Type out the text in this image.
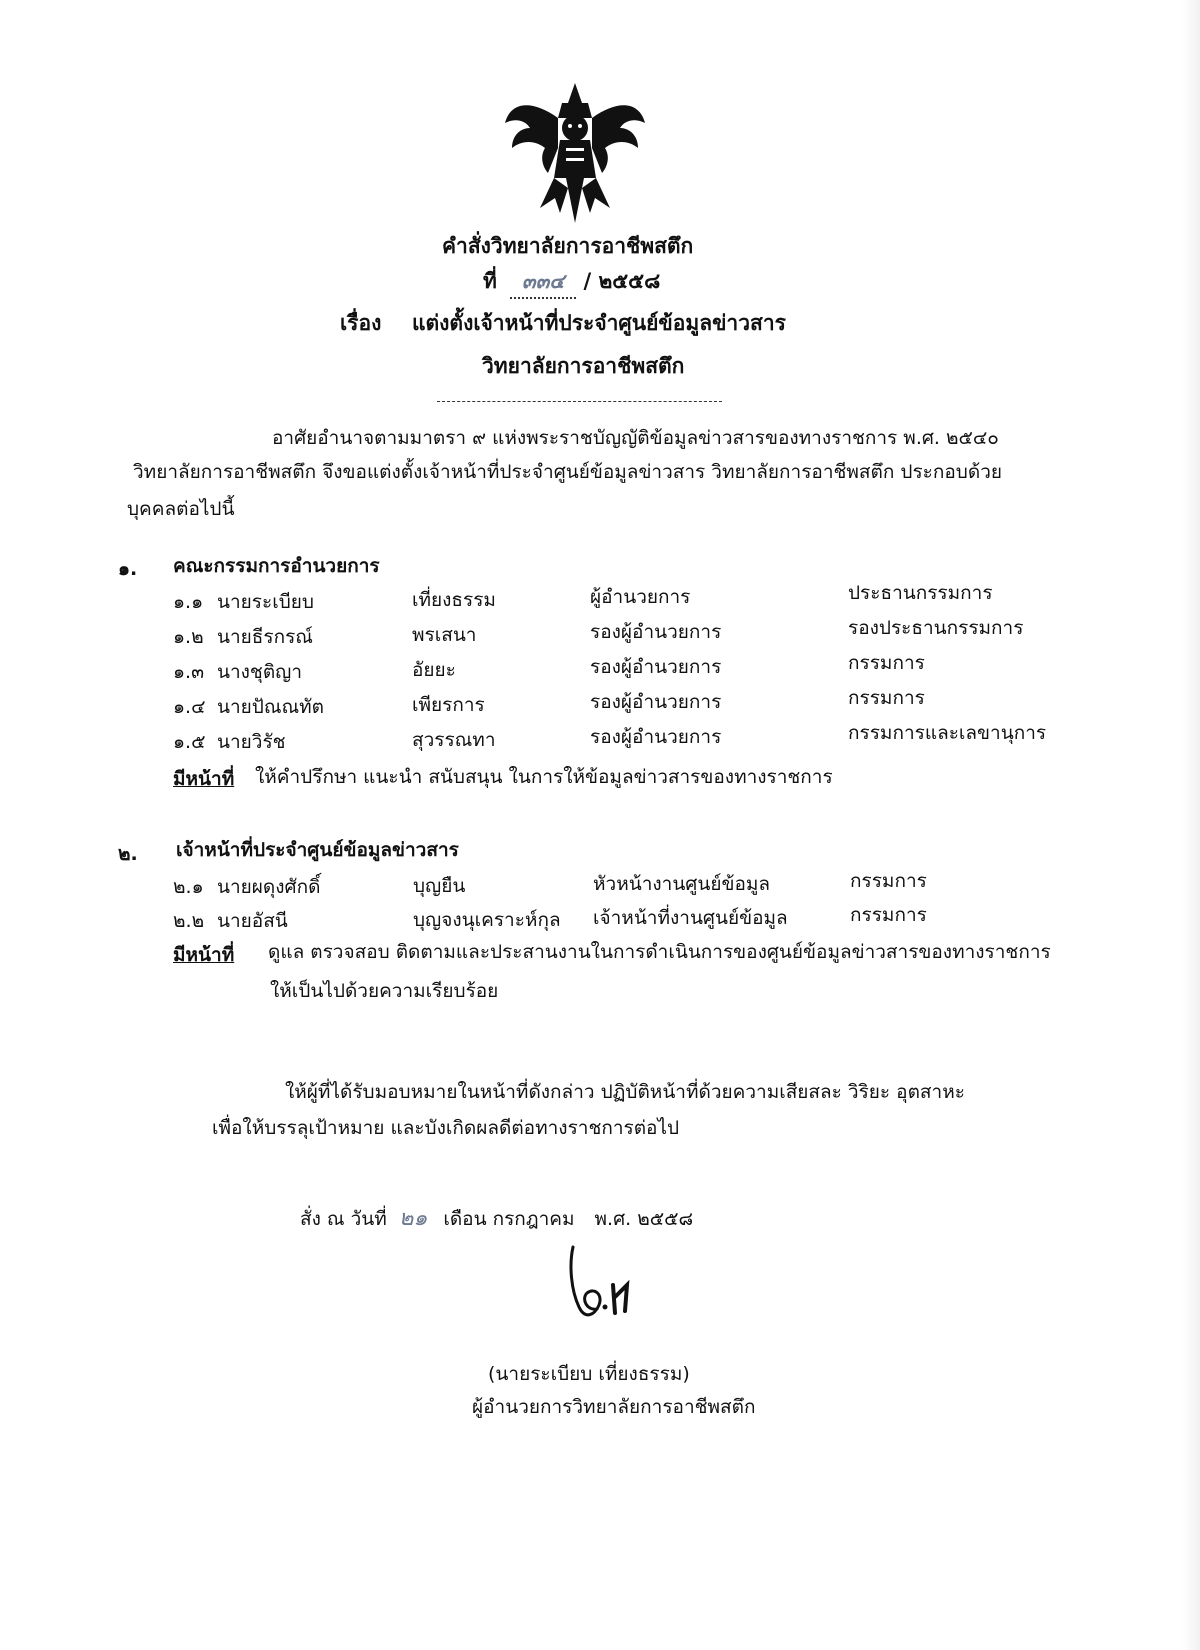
คำสั่งวิทยาลัยการอาชีพสตึก
ที่ ๓๓๔ / ๒๕๕๘
เรื่อง แต่งตั้งเจ้าหน้าที่ประจำศูนย์ข้อมูลข่าวสาร
วิทยาลัยการอาชีพสตึก
อาศัยอำนาจตามมาตรา ๙ แห่งพระราชบัญญัติข้อมูลข่าวสารของทางราชการ พ.ศ. ๒๕๔๐
วิทยาลัยการอาชีพสตึก จึงขอแต่งตั้งเจ้าหน้าที่ประจำศูนย์ข้อมูลข่าวสาร วิทยาลัยการอาชีพสตึก ประกอบด้วย
บุคคลต่อไปนี้
๑. คณะกรรมการอำนวยการ
๑.๑ นายระเบียบ	เที่ยงธรรม	ผู้อำนวยการ	ประธานกรรมการ
๑.๒ นายธีรกรณ์	พรเสนา	รองผู้อำนวยการ	รองประธานกรรมการ
๑.๓ นางชุติญา	อัยยะ	รองผู้อำนวยการ	กรรมการ
๑.๔ นายปัณณทัต	เพียรการ	รองผู้อำนวยการ	กรรมการ
๑.๕ นายวิรัช	สุวรรณทา	รองผู้อำนวยการ	กรรมการและเลขานุการ
มีหน้าที่ ให้คำปรึกษา แนะนำ สนับสนุน ในการให้ข้อมูลข่าวสารของทางราชการ
๒. เจ้าหน้าที่ประจำศูนย์ข้อมูลข่าวสาร
๒.๑ นายผดุงศักดิ์	บุญยืน	หัวหน้างานศูนย์ข้อมูล	กรรมการ
๒.๒ นายอัสนี	บุญจงนุเคราะห์กุล เจ้าหน้าที่งานศูนย์ข้อมูล	กรรมการ
มีหน้าที่ ดูแล ตรวจสอบ ติดตามและประสานงานในการดำเนินการของศูนย์ข้อมูลข่าวสารของทางราชการ
ให้เป็นไปด้วยความเรียบร้อย
ให้ผู้ที่ได้รับมอบหมายในหน้าที่ดังกล่าว ปฏิบัติหน้าที่ด้วยความเสียสละ วิริยะ อุตสาหะ
เพื่อให้บรรลุเป้าหมาย และบังเกิดผลดีต่อทางราชการต่อไป
สั่ง ณ วันที่ ๒๑ เดือน กรกฎาคม พ.ศ. ๒๕๕๘
(นายระเบียบ เที่ยงธรรม)
ผู้อำนวยการวิทยาลัยการอาชีพสตึก
